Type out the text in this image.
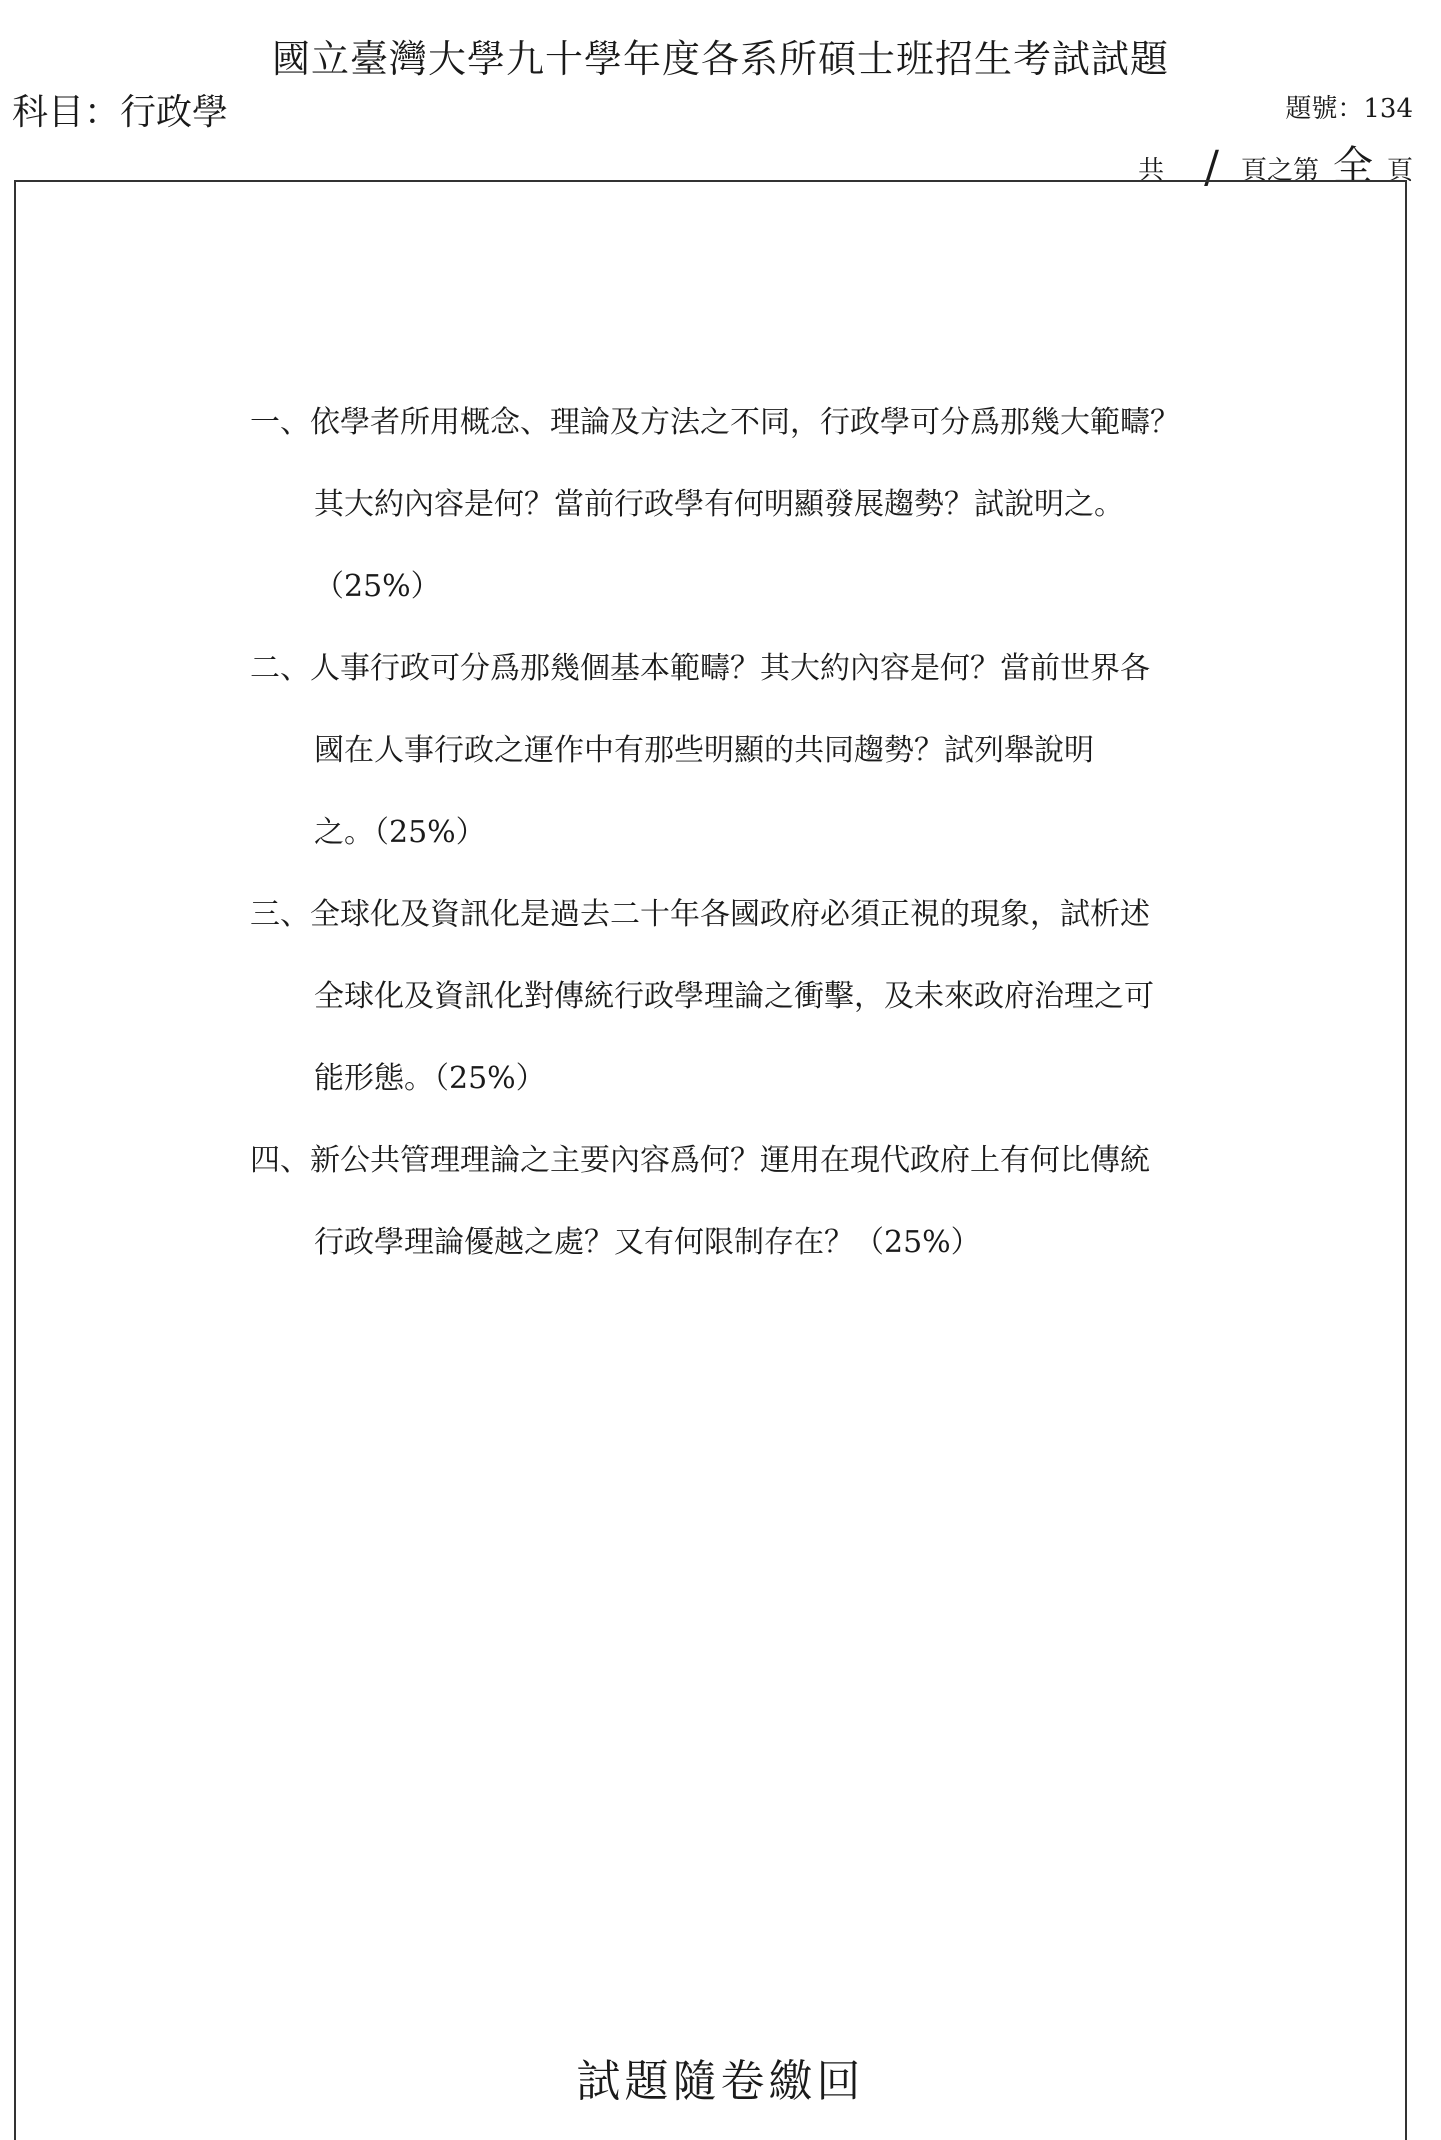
國立臺灣大學九十學年度各系所碩士班招生考試試題
科目：行政學	題號：134
共 / 頁之第 全 頁
一、依學者所用概念、理論及方法之不同，行政學可分爲那幾大範疇？
其大約內容是何？當前行政學有何明顯發展趨勢？試說明之。
（25%）
二、人事行政可分爲那幾個基本範疇？其大約內容是何？當前世界各
國在人事行政之運作中有那些明顯的共同趨勢？試列舉說明
之。（25%）
三、全球化及資訊化是過去二十年各國政府必須正視的現象，試析述
全球化及資訊化對傳統行政學理論之衝擊，及未來政府治理之可
能形態。（25%）
四、新公共管理理論之主要內容爲何？運用在現代政府上有何比傳統
行政學理論優越之處？又有何限制存在？（25%）
試題隨卷繳回
